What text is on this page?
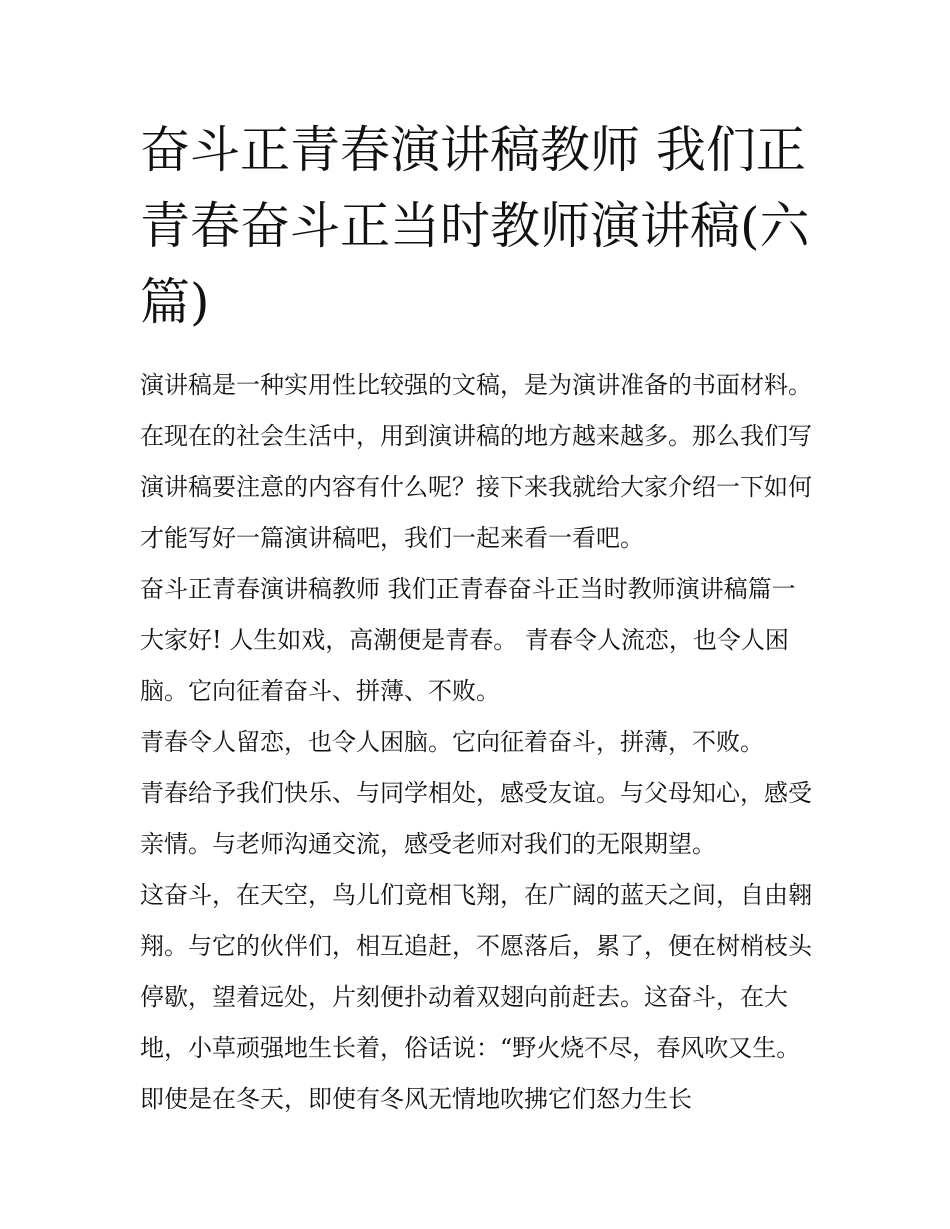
奋斗正青春演讲稿教师 我们正青春奋斗正当时教师演讲稿(六篇)

演讲稿是一种实用性比较强的文稿，是为演讲准备的书面材料。在现在的社会生活中，用到演讲稿的地方越来越多。那么我们写演讲稿要注意的内容有什么呢？接下来我就给大家介绍一下如何才能写好一篇演讲稿吧，我们一起来看一看吧。

奋斗正青春演讲稿教师 我们正青春奋斗正当时教师演讲稿篇一 大家好! 人生如戏，高潮便是青春。 青春令人流恋，也令人困脑。它向征着奋斗、拼薄、不败。

青春令人留恋，也令人困脑。它向征着奋斗，拼薄，不败。

青春给予我们快乐、与同学相处，感受友谊。与父母知心，感受亲情。与老师沟通交流，感受老师对我们的无限期望。

这奋斗，在天空，鸟儿们竟相飞翔，在广阔的蓝天之间，自由翱翔。与它的伙伴们，相互追赶，不愿落后，累了，便在树梢枝头停歇，望着远处，片刻便扑动着双翅向前赶去。这奋斗，在大地，小草顽强地生长着，俗话说：“野火烧不尽，春风吹又生。即使是在冬天，即使有冬风无情地吹拂它们怒力生长
